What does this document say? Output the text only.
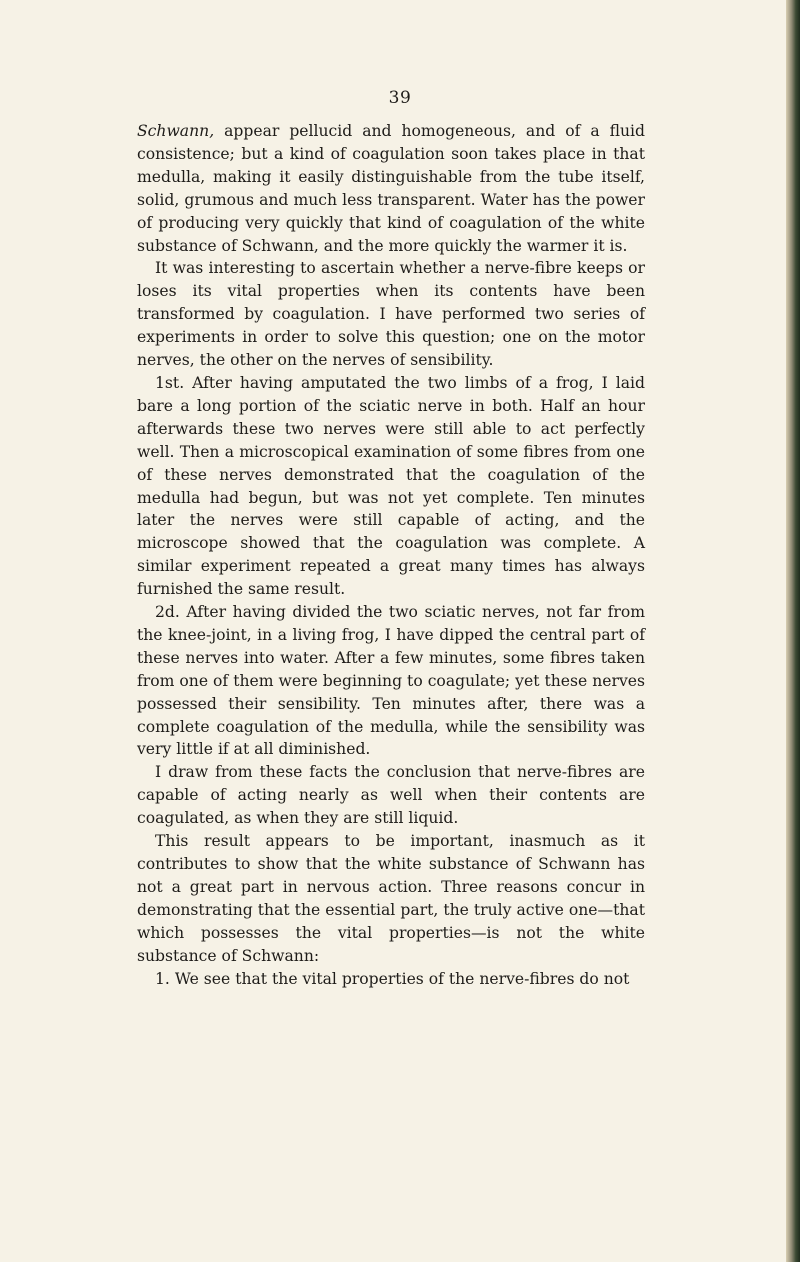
39

Schwann, appear pellucid and homogeneous, and of a fluid consistence; but a kind of coagulation soon takes place in that medulla, making it easily distinguishable from the tube itself, solid, grumous and much less transparent. Water has the power of producing very quickly that kind of coagulation of the white substance of Schwann, and the more quickly the warmer it is.

It was interesting to ascertain whether a nerve-fibre keeps or loses its vital properties when its contents have been transformed by coagulation. I have performed two series of experiments in order to solve this question; one on the motor nerves, the other on the nerves of sensibility.

1st. After having amputated the two limbs of a frog, I laid bare a long portion of the sciatic nerve in both. Half an hour afterwards these two nerves were still able to act perfectly well. Then a microscopical examination of some fibres from one of these nerves demonstrated that the coagulation of the medulla had begun, but was not yet complete. Ten minutes later the nerves were still capable of acting, and the microscope showed that the coagulation was complete. A similar experiment repeated a great many times has always furnished the same result.

2d. After having divided the two sciatic nerves, not far from the knee-joint, in a living frog, I have dipped the central part of these nerves into water. After a few minutes, some fibres taken from one of them were beginning to coagulate; yet these nerves possessed their sensibility. Ten minutes after, there was a complete coagulation of the medulla, while the sensibility was very little if at all diminished.

I draw from these facts the conclusion that nerve-fibres are capable of acting nearly as well when their contents are coagulated, as when they are still liquid.

This result appears to be important, inasmuch as it contributes to show that the white substance of Schwann has not a great part in nervous action. Three reasons concur in demonstrating that the essential part, the truly active one—that which possesses the vital properties—is not the white substance of Schwann:

1. We see that the vital properties of the nerve-fibres do not
